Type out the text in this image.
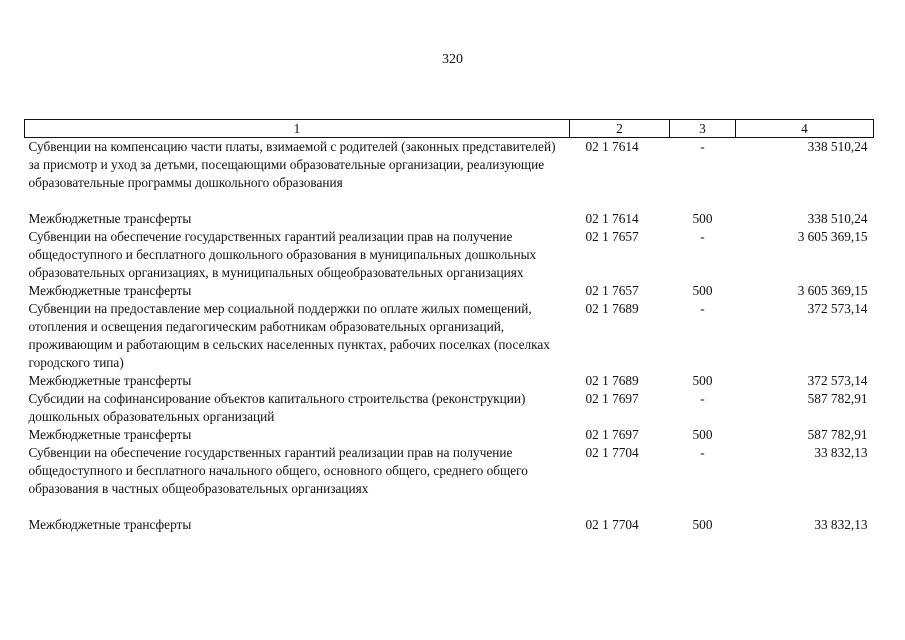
320
1	2	3	4
Субвенции на компенсацию части платы, взимаемой с родителей (законных представителей) за присмотр и уход за детьми, посещающими образовательные организации, реализующие образовательные программы дошкольного образования	02 1 7614	-	338 510,24
Межбюджетные трансферты	02 1 7614	500	338 510,24
Субвенции на обеспечение государственных гарантий реализации прав на получение общедоступного и бесплатного дошкольного образования в муниципальных дошкольных образовательных организациях, в муниципальных общеобразовательных организациях	02 1 7657	-	3 605 369,15
Межбюджетные трансферты	02 1 7657	500	3 605 369,15
Субвенции на предоставление мер социальной поддержки по оплате жилых помещений, отопления и освещения педагогическим работникам образовательных организаций, проживающим и работающим в сельских населенных пунктах, рабочих поселках (поселках городского типа)	02 1 7689	-	372 573,14
Межбюджетные трансферты	02 1 7689	500	372 573,14
Субсидии на софинансирование объектов капитального строительства (реконструкции) дошкольных образовательных организаций	02 1 7697	-	587 782,91
Межбюджетные трансферты	02 1 7697	500	587 782,91
Субвенции на обеспечение государственных гарантий реализации прав на получение общедоступного и бесплатного начального общего, основного общего, среднего общего образования в частных общеобразовательных организациях	02 1 7704	-	33 832,13
Межбюджетные трансферты	02 1 7704	500	33 832,13
